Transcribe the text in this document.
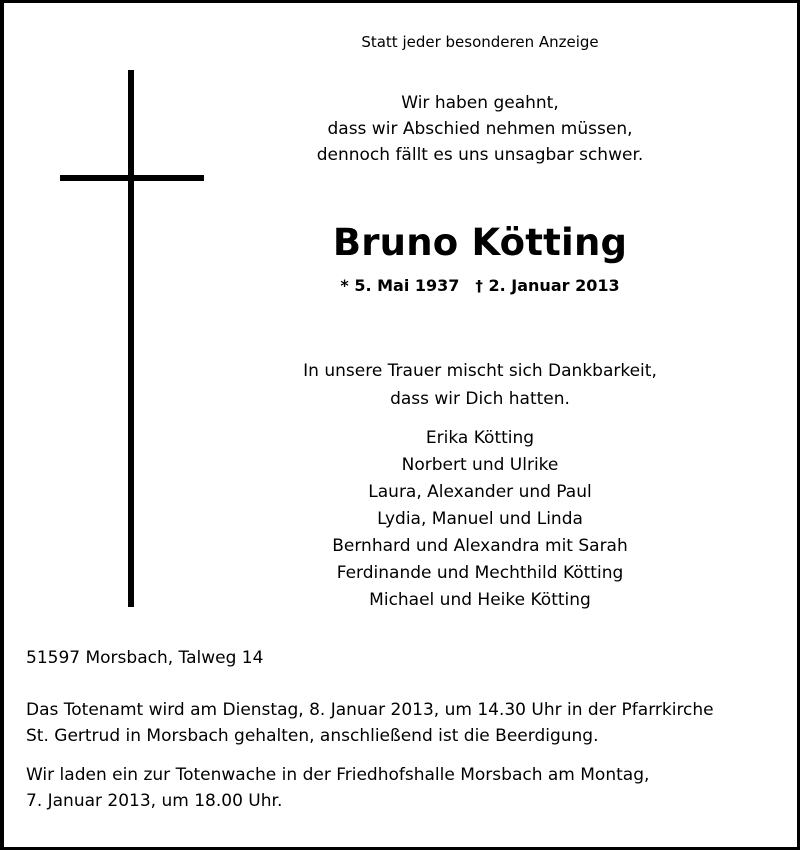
Statt jeder besonderen Anzeige
Wir haben geahnt,
dass wir Abschied nehmen müssen,
dennoch fällt es uns unsagbar schwer.
Bruno Kötting
* 5. Mai 1937 † 2. Januar 2013
In unsere Trauer mischt sich Dankbarkeit,
dass wir Dich hatten.
Erika Kötting
Norbert und Ulrike
Laura, Alexander und Paul
Lydia, Manuel und Linda
Bernhard und Alexandra mit Sarah
Ferdinande und Mechthild Kötting
Michael und Heike Kötting
51597 Morsbach, Talweg 14
Das Totenamt wird am Dienstag, 8. Januar 2013, um 14.30 Uhr in der Pfarrkirche
St. Gertrud in Morsbach gehalten, anschließend ist die Beerdigung.
Wir laden ein zur Totenwache in der Friedhofshalle Morsbach am Montag,
7. Januar 2013, um 18.00 Uhr.
